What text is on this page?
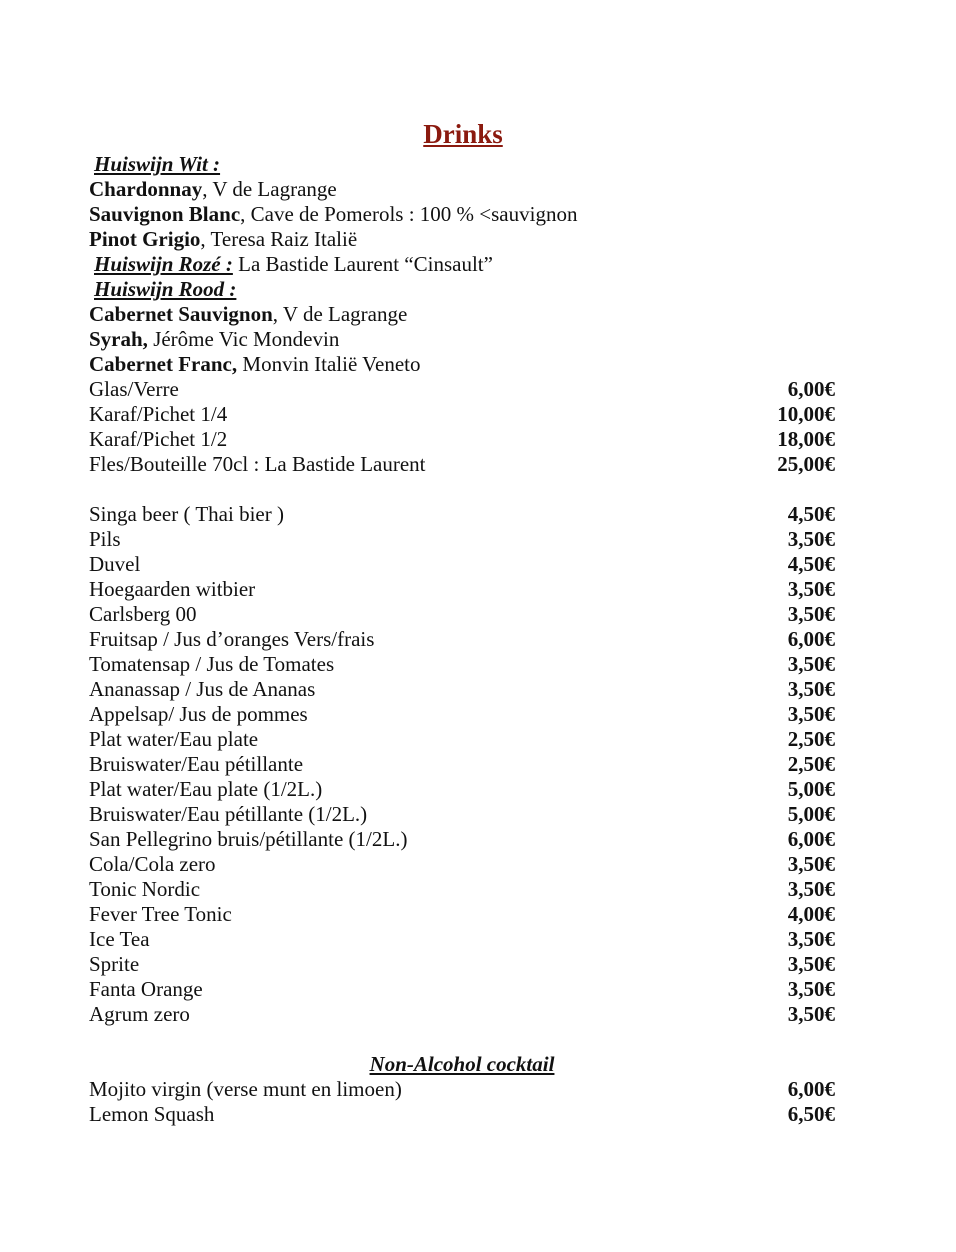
Drinks
Huiswijn Wit :
Chardonnay, V de Lagrange
Sauvignon Blanc, Cave de Pomerols : 100 % <sauvignon
Pinot Grigio, Teresa Raiz Italië
Huiswijn Rozé : La Bastide Laurent “Cinsault”
Huiswijn Rood :
Cabernet Sauvignon, V de Lagrange
Syrah, Jérôme Vic Mondevin
Cabernet Franc, Monvin Italië Veneto
Glas/Verre	6,00€
Karaf/Pichet 1/4	10,00€
Karaf/Pichet 1/2	18,00€
Fles/Bouteille 70cl : La Bastide Laurent	25,00€
Singa beer ( Thai bier )	4,50€
Pils	3,50€
Duvel	4,50€
Hoegaarden witbier	3,50€
Carlsberg 00	3,50€
Fruitsap / Jus d’oranges Vers/frais	6,00€
Tomatensap / Jus de Tomates	3,50€
Ananassap / Jus de Ananas	3,50€
Appelsap/ Jus de pommes	3,50€
Plat water/Eau plate	2,50€
Bruiswater/Eau pétillante	2,50€
Plat water/Eau plate (1/2L.)	5,00€
Bruiswater/Eau pétillante (1/2L.)	5,00€
San Pellegrino bruis/pétillante (1/2L.)	6,00€
Cola/Cola zero	3,50€
Tonic Nordic	3,50€
Fever Tree Tonic	4,00€
Ice Tea	3,50€
Sprite	3,50€
Fanta Orange	3,50€
Agrum zero	3,50€
Non-Alcohol cocktail
Mojito virgin (verse munt en limoen)	6,00€
Lemon Squash	6,50€
